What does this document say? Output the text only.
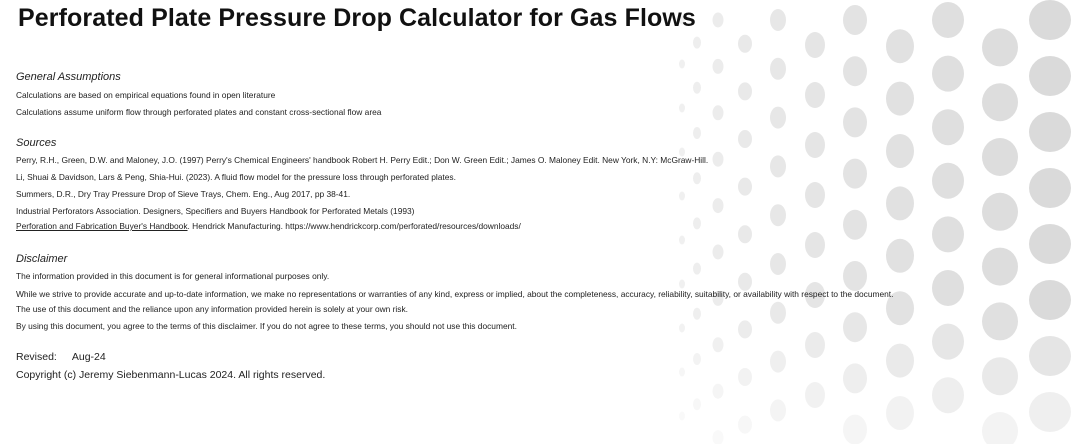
Perforated Plate Pressure Drop Calculator for Gas Flows

General Assumptions

Calculations are based on empirical equations found in open literature

Calculations assume uniform flow through perforated plates and constant cross-sectional flow area

Sources

Perry, R.H., Green, D.W. and Maloney, J.O. (1997) Perry's Chemical Engineers' handbook Robert H. Perry Edit.; Don W. Green Edit.; James O. Maloney Edit. New York, N.Y: McGraw-Hill.

Li, Shuai & Davidson, Lars & Peng, Shia-Hui. (2023). A fluid flow model for the pressure loss through perforated plates.

Summers, D.R., Dry Tray Pressure Drop of Sieve Trays, Chem. Eng., Aug 2017, pp 38-41.

Industrial Perforators Association. Designers, Specifiers and Buyers Handbook for Perforated Metals (1993)

Perforation and Fabrication Buyer's Handbook. Hendrick Manufacturing. https://www.hendrickcorp.com/perforated/resources/downloads/

Disclaimer

The information provided in this document is for general informational purposes only.

While we strive to provide accurate and up-to-date information, we make no representations or warranties of any kind, express or implied, about the completeness, accuracy, reliability, suitability, or availability with respect to the document.

The use of this document and the reliance upon any information provided herein is solely at your own risk.

By using this document, you agree to the terms of this disclaimer. If you do not agree to these terms, you should not use this document.

Revised: Aug-24
Copyright (c) Jeremy Siebenmann-Lucas 2024. All rights reserved.
